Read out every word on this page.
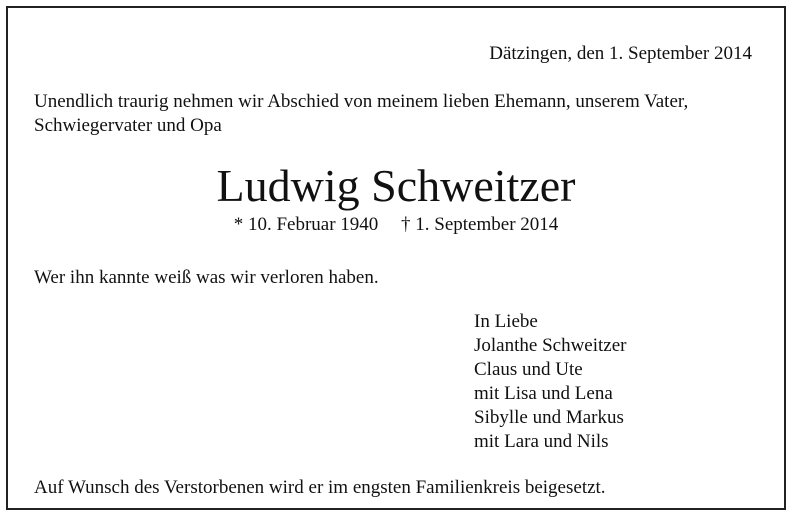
Dätzingen, den 1. September 2014
Unendlich traurig nehmen wir Abschied von meinem lieben Ehemann, unserem Vater,
Schwiegervater und Opa
Ludwig Schweitzer
* 10. Februar 1940 † 1. September 2014
Wer ihn kannte weiß was wir verloren haben.
In Liebe
Jolanthe Schweitzer
Claus und Ute
mit Lisa und Lena
Sibylle und Markus
mit Lara und Nils
Auf Wunsch des Verstorbenen wird er im engsten Familienkreis beigesetzt.
